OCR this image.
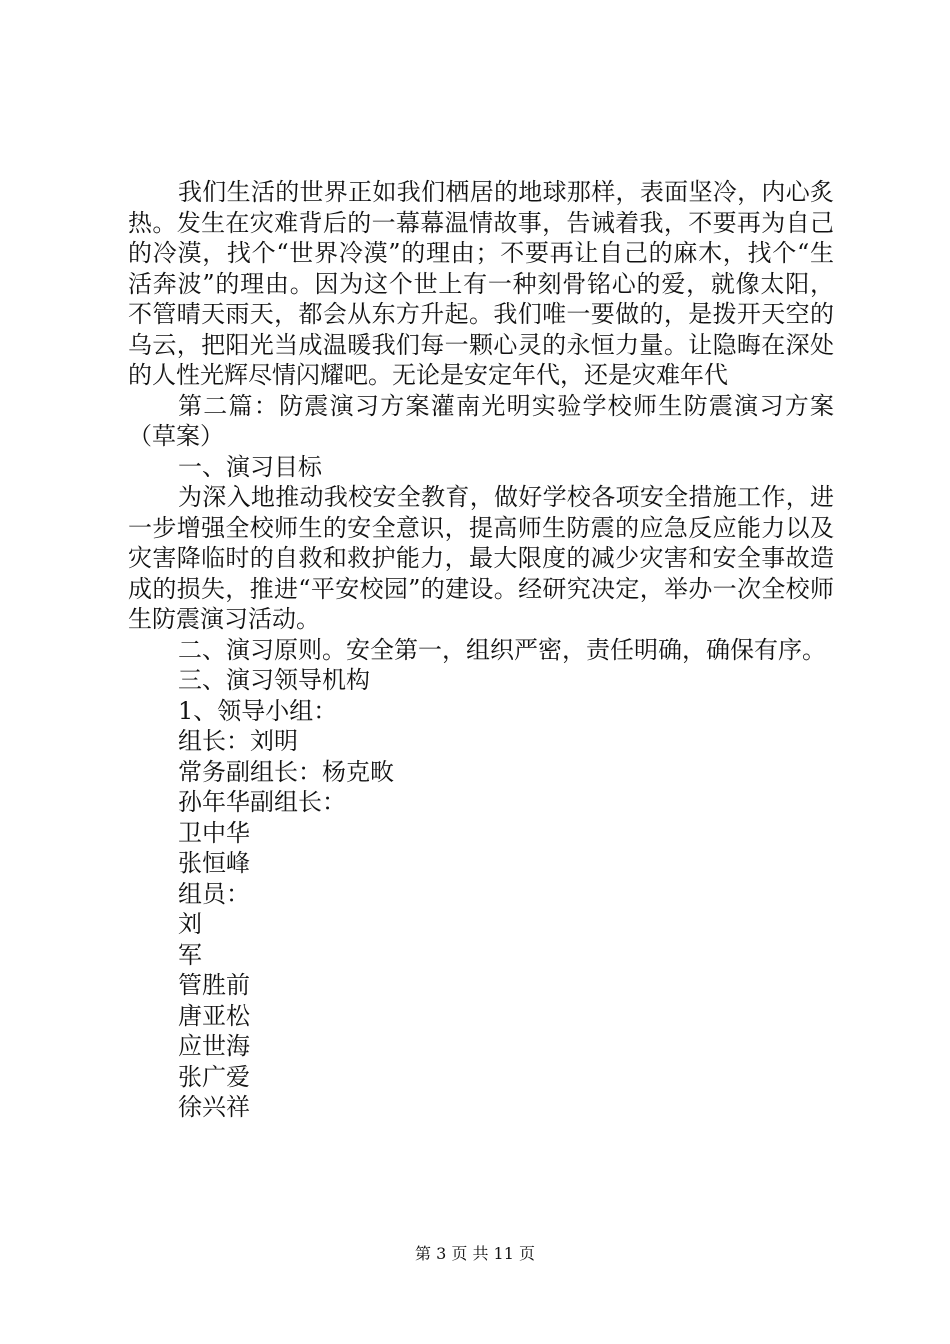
我们生活的世界正如我们栖居的地球那样，表面坚冷，内心炙热。发生在灾难背后的一幕幕温情故事，告诫着我，不要再为自己的冷漠，找个“世界冷漠”的理由；不要再让自己的麻木，找个“生活奔波”的理由。因为这个世上有一种刻骨铭心的爱，就像太阳，不管晴天雨天，都会从东方升起。我们唯一要做的，是拨开天空的乌云，把阳光当成温暖我们每一颗心灵的永恒力量。让隐晦在深处的人性光辉尽情闪耀吧。无论是安定年代，还是灾难年代

第二篇：防震演习方案灌南光明实验学校师生防震演习方案（草案）

一、演习目标

为深入地推动我校安全教育，做好学校各项安全措施工作，进一步增强全校师生的安全意识，提高师生防震的应急反应能力以及灾害降临时的自救和救护能力，最大限度的减少灾害和安全事故造成的损失，推进“平安校园”的建设。经研究决定，举办一次全校师生防震演习活动。

二、演习原则。安全第一，组织严密，责任明确，确保有序。

三、演习领导机构

1、领导小组：

组长：刘明

常务副组长：杨克畋

孙年华副组长：

卫中华

张恒峰

组员：

刘

军

管胜前

唐亚松

应世海

张广爱

徐兴祥

第 3 页 共 11 页
